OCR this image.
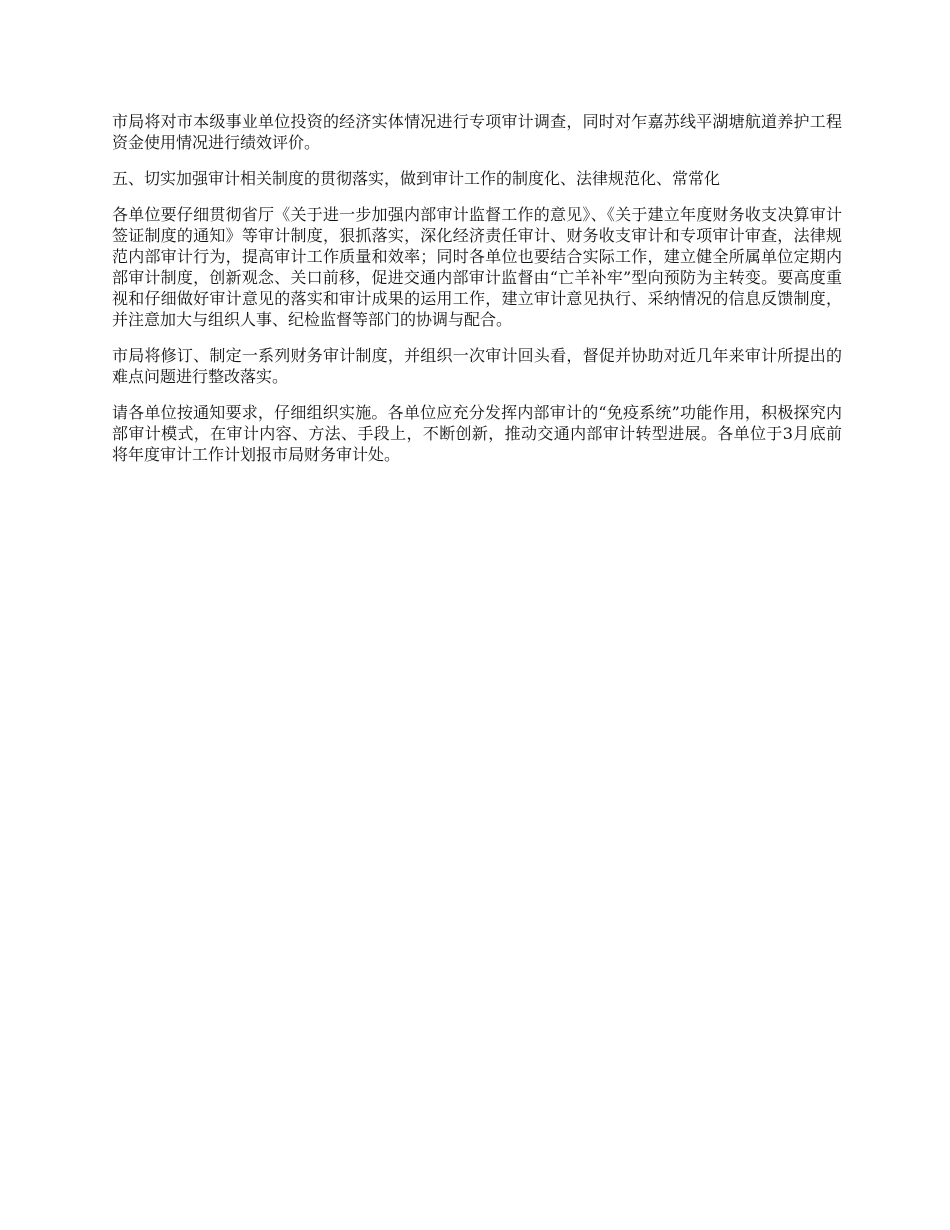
市局将对市本级事业单位投资的经济实体情况进行专项审计调查，同时对乍嘉苏线平湖塘航道养护工程资金使用情况进行绩效评价。

五、切实加强审计相关制度的贯彻落实，做到审计工作的制度化、法律规范化、常常化

各单位要仔细贯彻省厅《关于进一步加强内部审计监督工作的意见》、《关于建立年度财务收支决算审计签证制度的通知》等审计制度，狠抓落实，深化经济责任审计、财务收支审计和专项审计审查，法律规范内部审计行为，提高审计工作质量和效率；同时各单位也要结合实际工作，建立健全所属单位定期内部审计制度，创新观念、关口前移，促进交通内部审计监督由“亡羊补牢”型向预防为主转变。要高度重视和仔细做好审计意见的落实和审计成果的运用工作，建立审计意见执行、采纳情况的信息反馈制度，并注意加大与组织人事、纪检监督等部门的协调与配合。

市局将修订、制定一系列财务审计制度，并组织一次审计回头看，督促并协助对近几年来审计所提出的难点问题进行整改落实。

请各单位按通知要求，仔细组织实施。各单位应充分发挥内部审计的“免疫系统”功能作用，积极探究内部审计模式，在审计内容、方法、手段上，不断创新，推动交通内部审计转型进展。各单位于3月底前将年度审计工作计划报市局财务审计处。
